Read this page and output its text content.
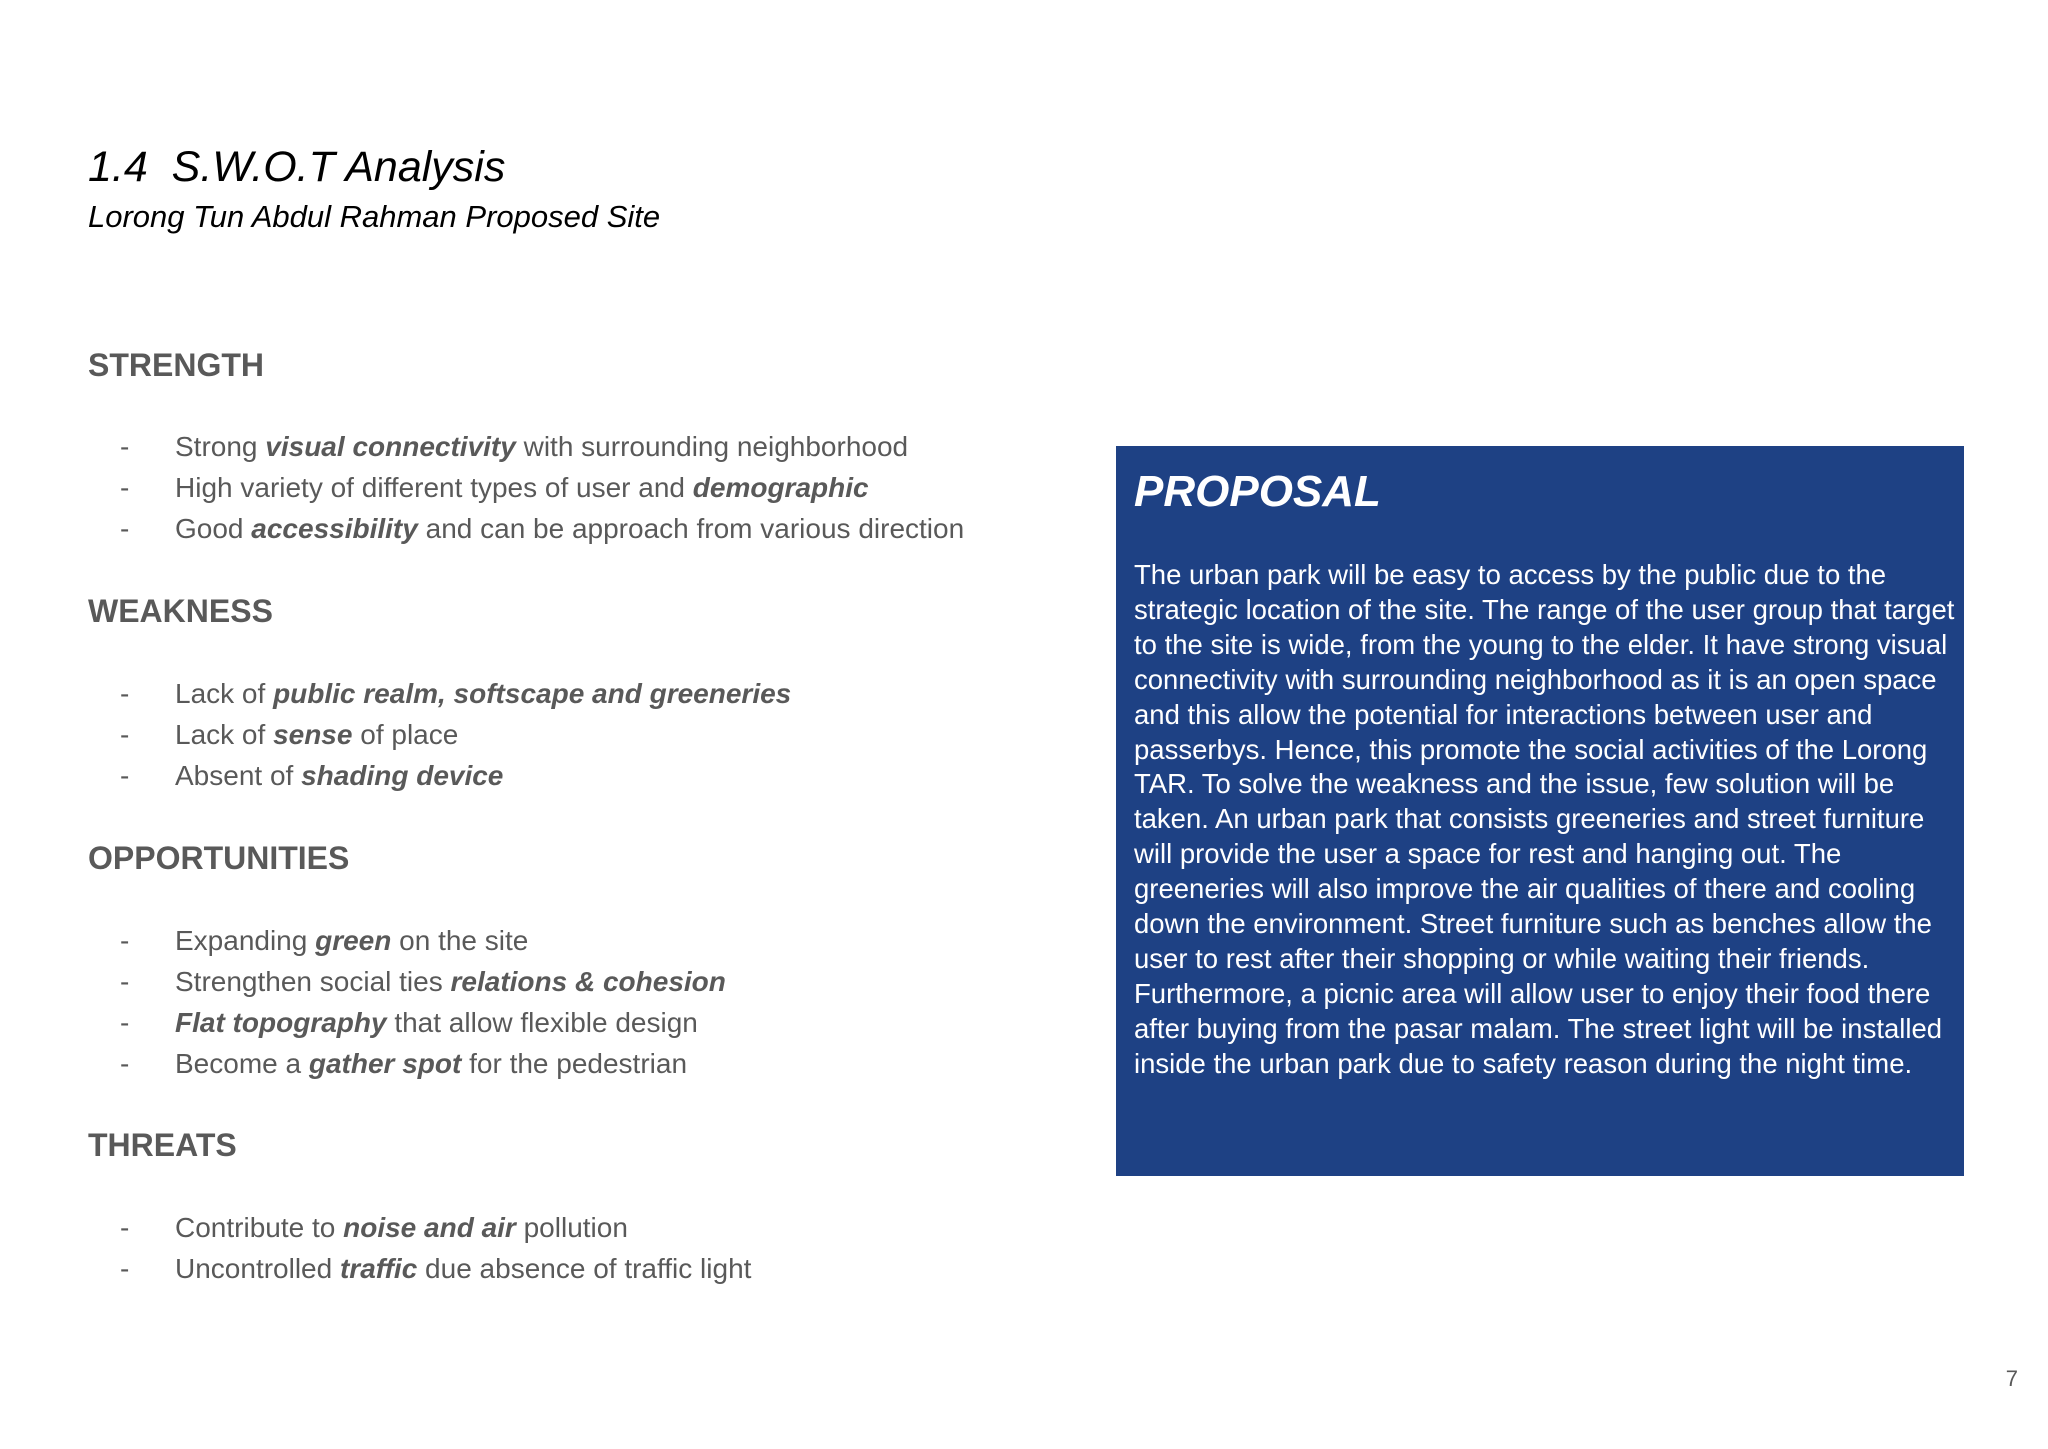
1.4  S.W.O.T Analysis
Lorong Tun Abdul Rahman Proposed Site
STRENGTH
- Strong visual connectivity with surrounding neighborhood
- High variety of different types of user and demographic
- Good accessibility and can be approach from various direction
WEAKNESS
- Lack of public realm, softscape and greeneries
- Lack of sense of place
- Absent of shading device
OPPORTUNITIES
- Expanding green on the site
- Strengthen social ties relations & cohesion
- Flat topography that allow flexible design
- Become a gather spot for the pedestrian
THREATS
- Contribute to noise and air pollution
- Uncontrolled traffic due absence of traffic light
PROPOSAL
The urban park will be easy to access by the public due to the strategic location of the site. The range of the user group that target to the site is wide, from the young to the elder. It have strong visual connectivity with surrounding neighborhood as it is an open space and this allow the potential for interactions between user and passerbys. Hence, this promote the social activities of the Lorong TAR. To solve the weakness and the issue, few solution will be taken. An urban park that consists greeneries and street furniture will provide the user a space for rest and hanging out. The greeneries will also improve the air qualities of there and cooling down the environment. Street furniture such as benches allow the user to rest after their shopping or while waiting their friends. Furthermore, a picnic area will allow user to enjoy their food there after buying from the pasar malam. The street light will be installed inside the urban park due to safety reason during the night time.
7
